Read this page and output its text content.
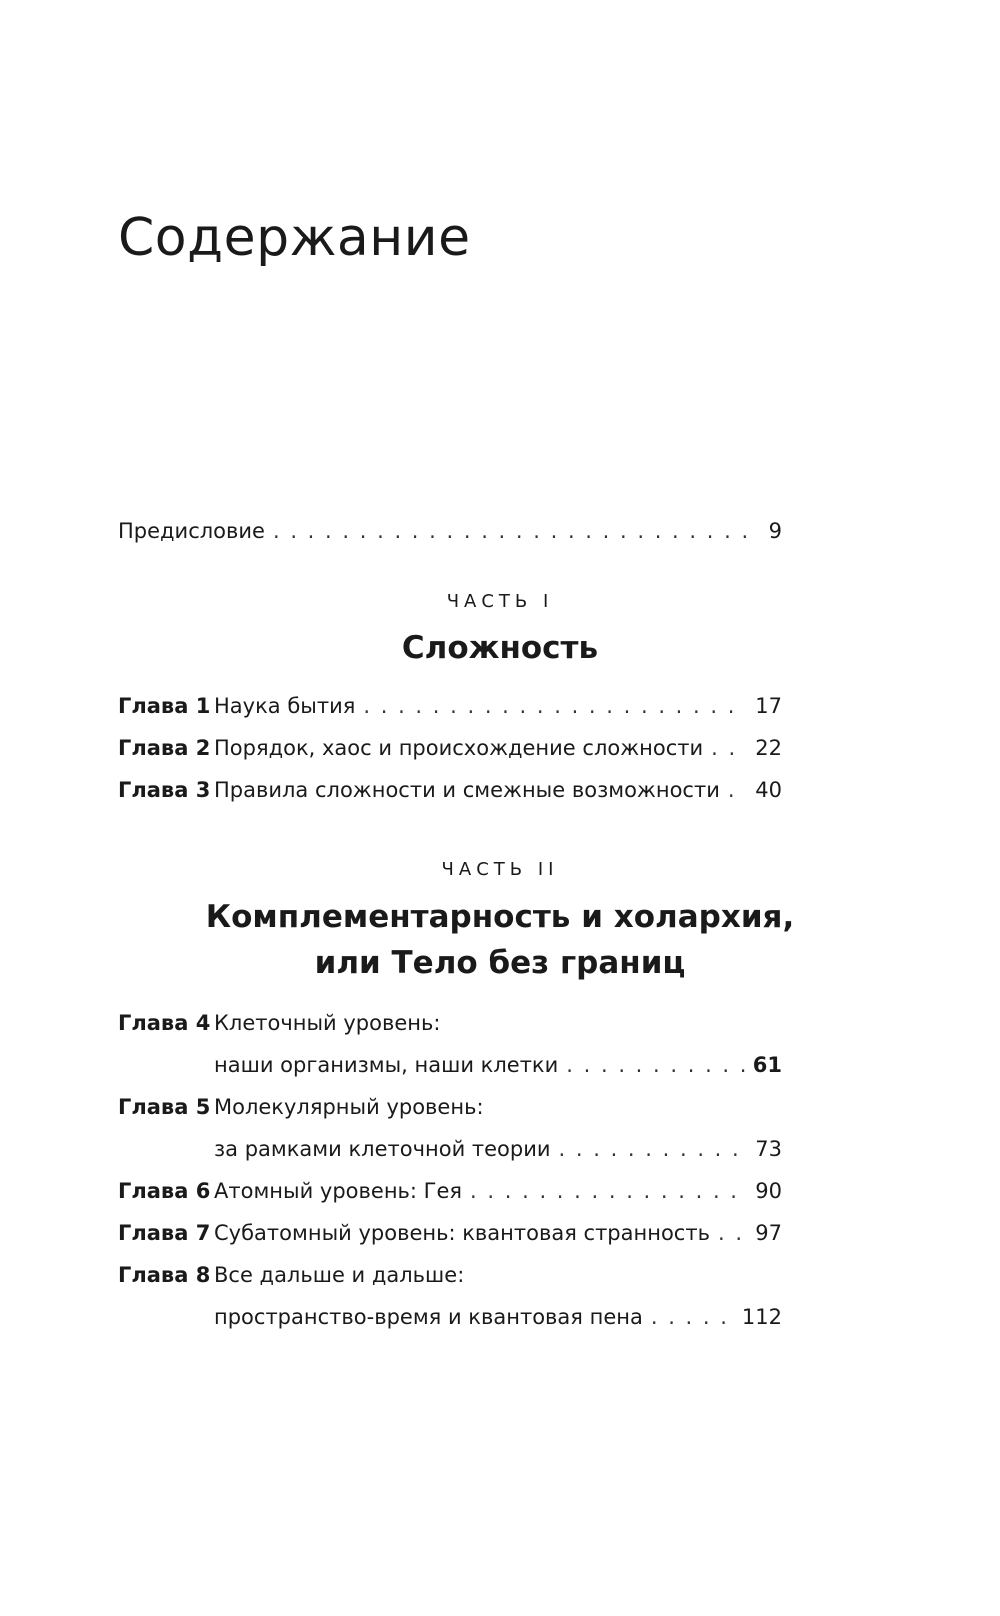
Содержание
Предисловие . . .	9
ЧАСТЬ I
Сложность
Глава 1 Наука бытия . . .	17
Глава 2 Порядок, хаос и происхождение сложности . . . 22
Глава 3 Правила сложности и смежные возможности . . . 40
ЧАСТЬ II
Комплементарность и холархия,
или Тело без границ
Глава 4 Клеточный уровень:
наши организмы, наши клетки . . .	61
Глава 5 Молекулярный уровень:
за рамками клеточной теории . . .	73
Глава 6 Атомный уровень: Гея . . .	90
Глава 7 Субатомный уровень: квантовая странность . . . 97
Глава 8 Все дальше и дальше:
пространство-время и квантовая пена . . .	112
